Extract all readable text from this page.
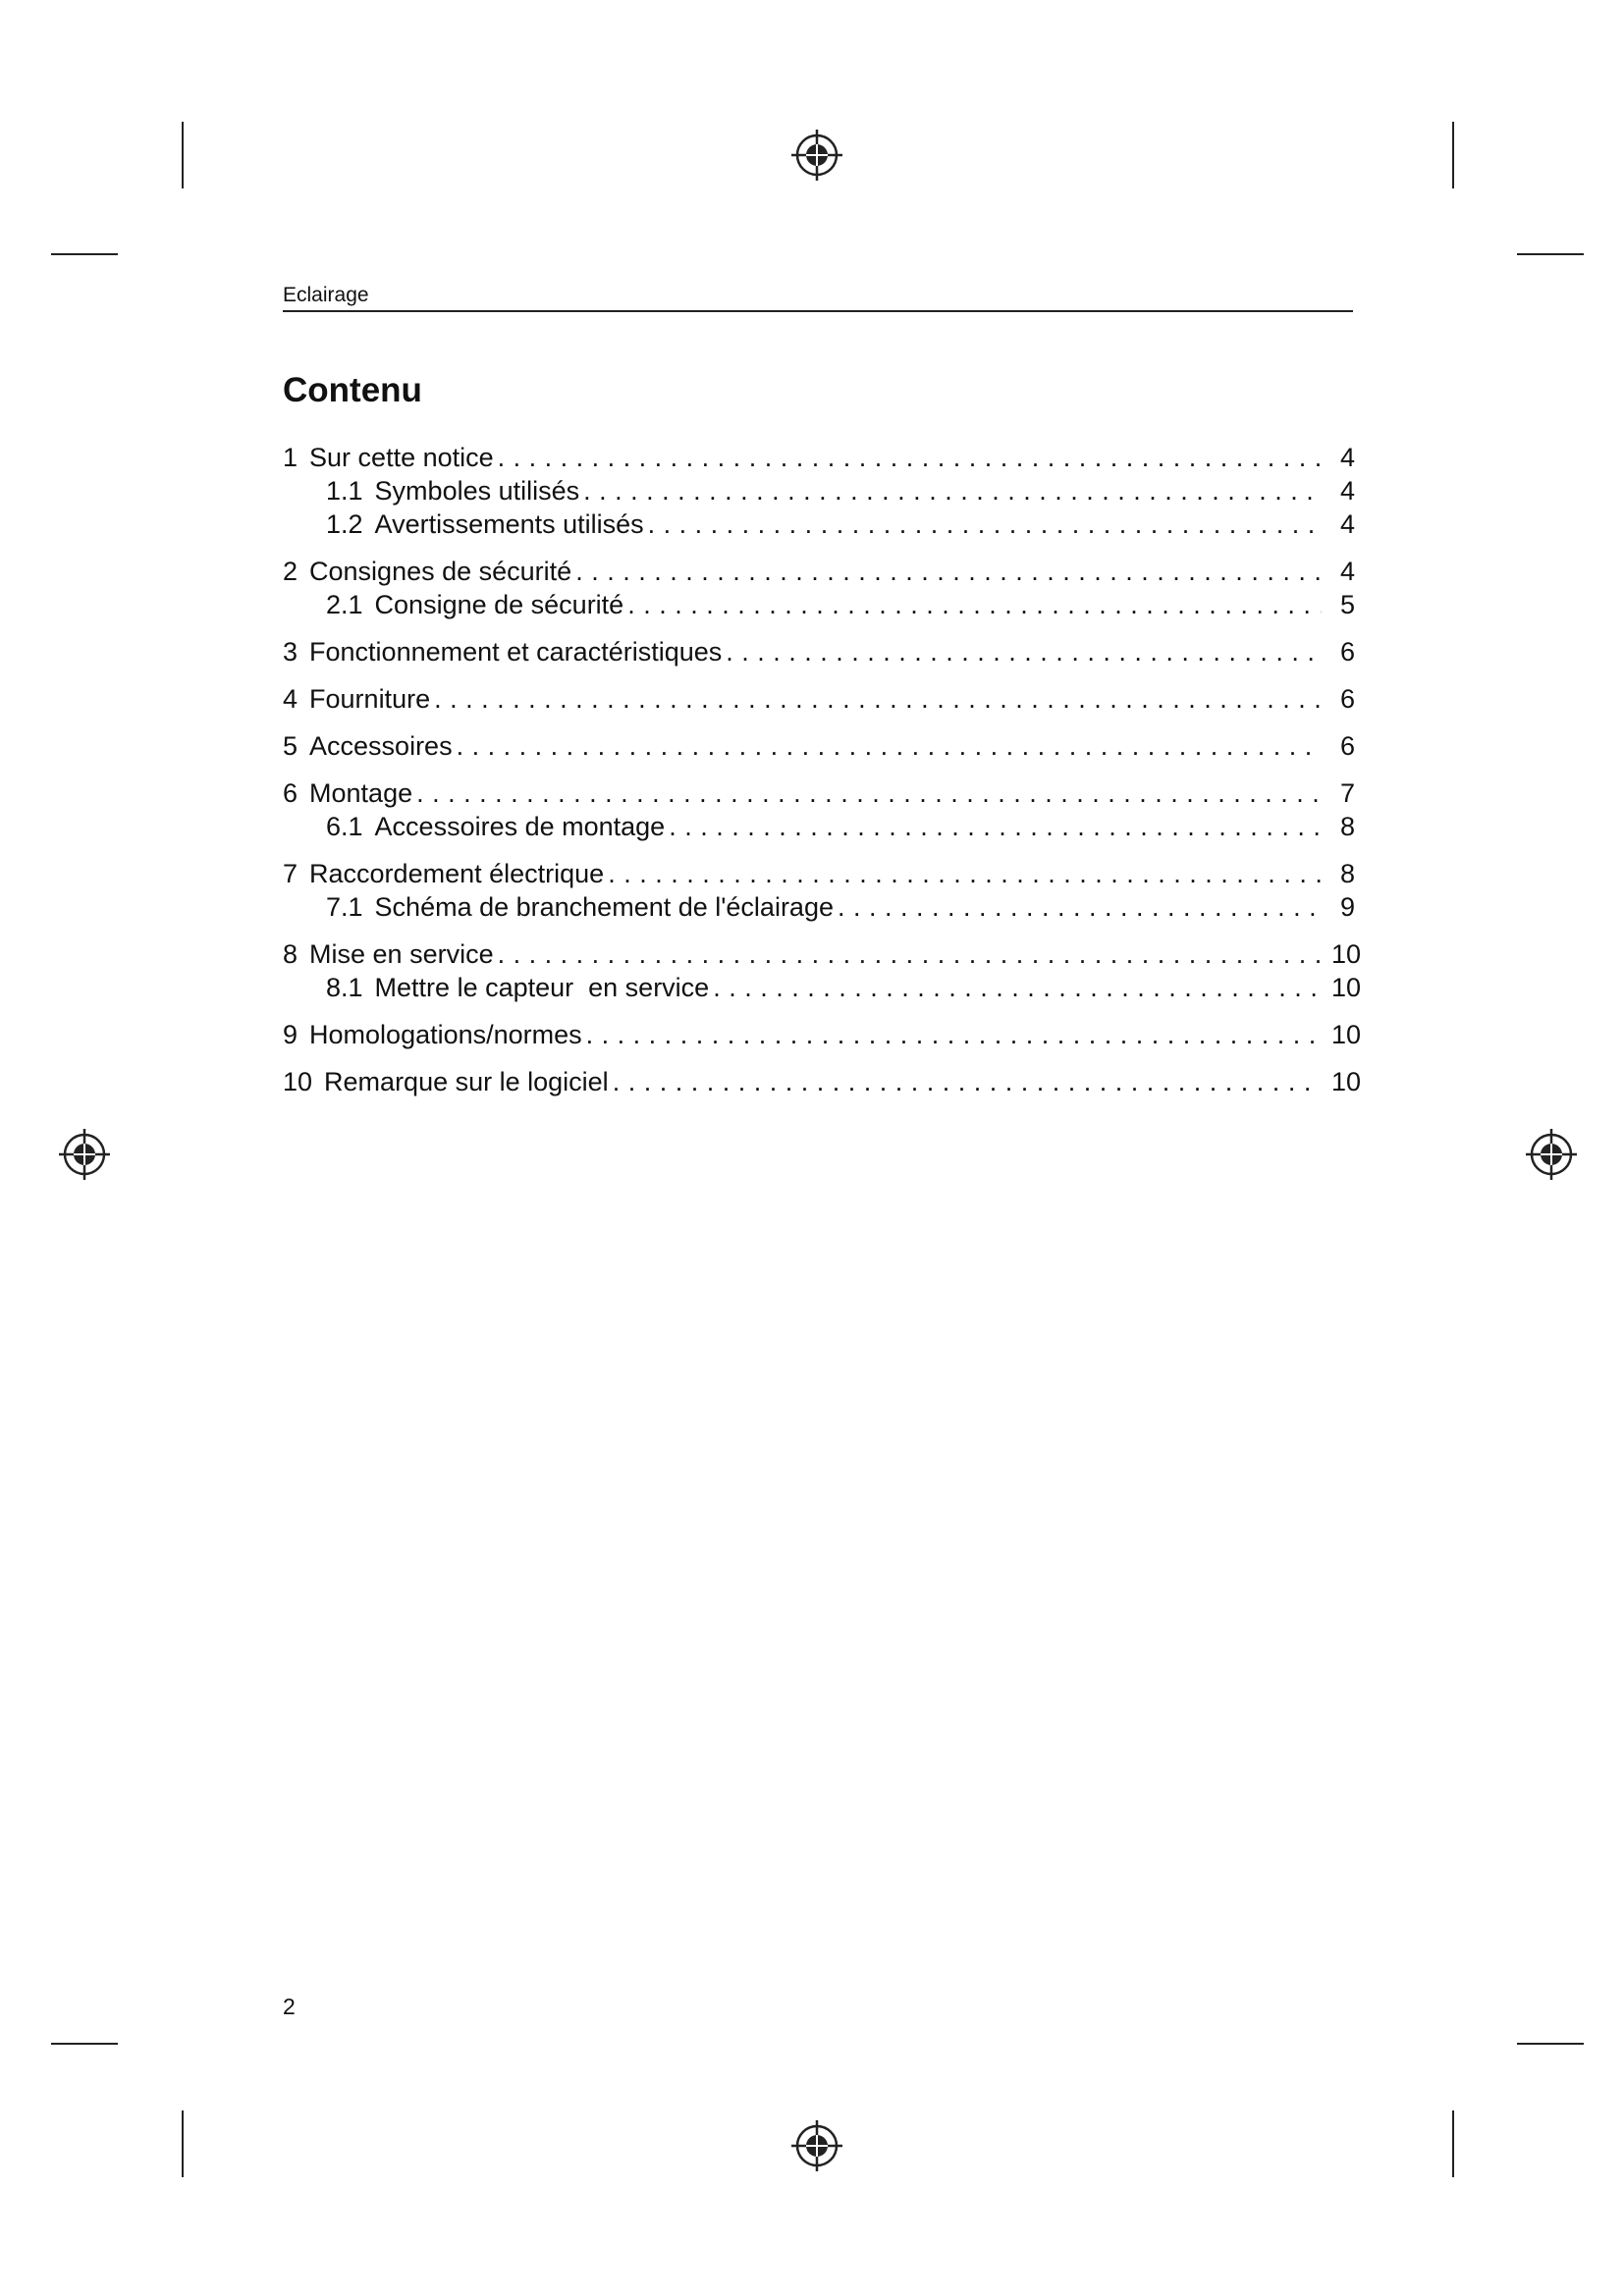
Eclairage
Contenu
1 Sur cette notice . . .	4
1.1 Symboles utilisés . . .	4
1.2 Avertissements utilisés . . .	4
2 Consignes de sécurité . . .	4
2.1 Consigne de sécurité . . .	5
3 Fonctionnement et caractéristiques . . .	6
4 Fourniture . . .	6
5 Accessoires . . .	6
6 Montage . . .	7
6.1 Accessoires de montage . . .	8
7 Raccordement électrique . . .	8
7.1 Schéma de branchement de l'éclairage . . .	9
8 Mise en service . . .	10
8.1 Mettre le capteur  en service . . .	10
9 Homologations/normes . . .	10
10 Remarque sur le logiciel . . .	10
2
